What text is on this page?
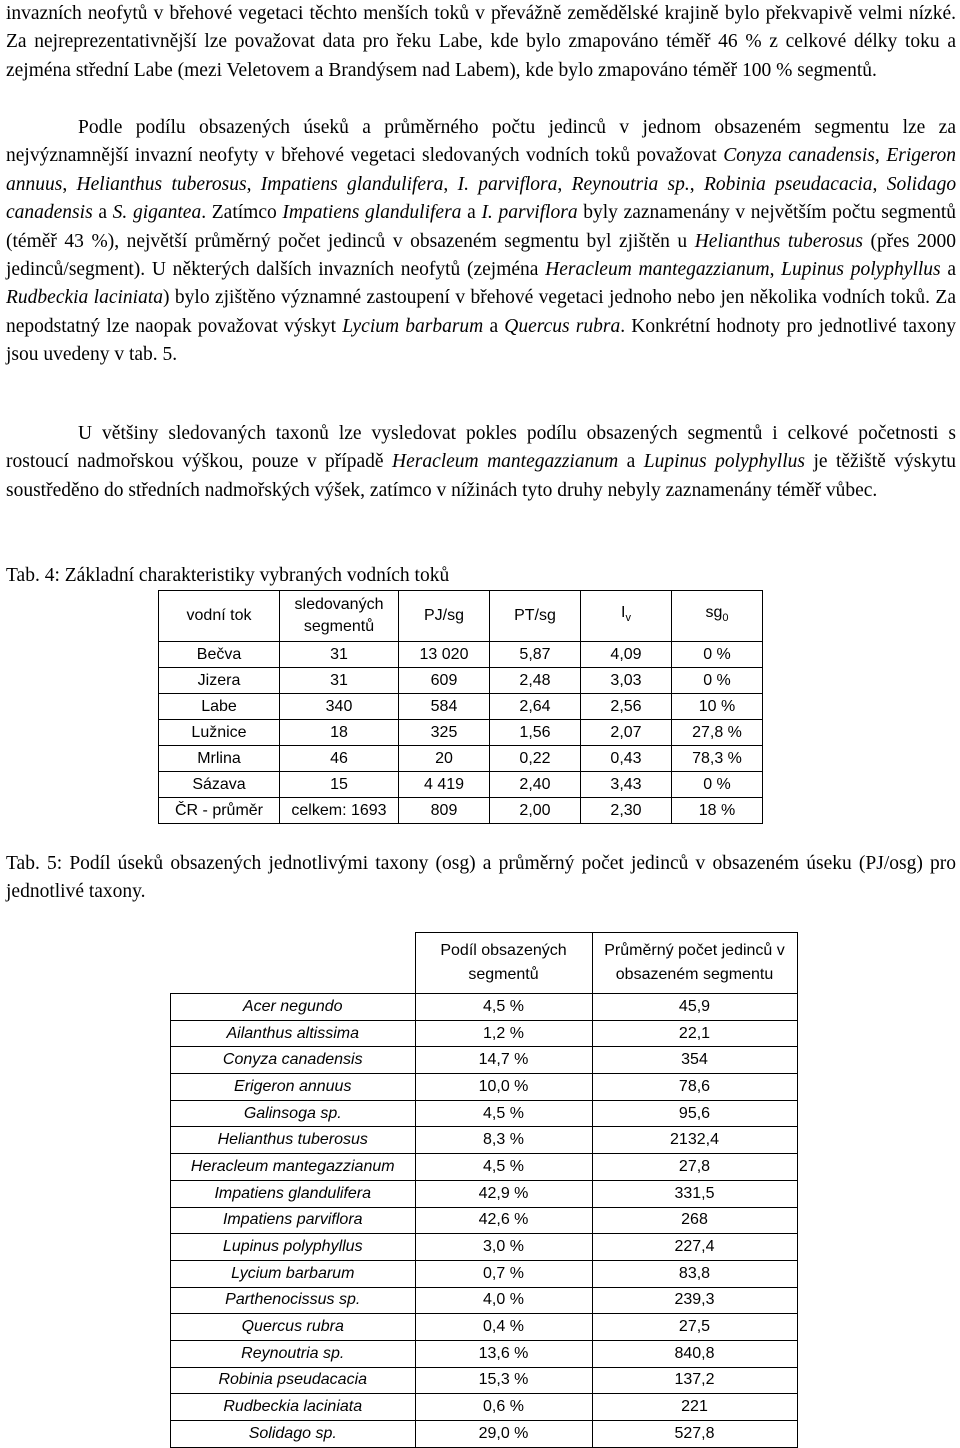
invazních neofytů v břehové vegetaci těchto menších toků v převážně zemědělské krajině bylo překvapivě velmi nízké. Za nejreprezentativnější lze považovat data pro řeku Labe, kde bylo zmapováno téměř 46 % z celkové délky toku a zejména střední Labe (mezi Veletovem a Brandýsem nad Labem), kde bylo zmapováno téměř 100 % segmentů.

Podle podílu obsazených úseků a průměrného počtu jedinců v jednom obsazeném segmentu lze za nejvýznamnější invazní neofyty v břehové vegetaci sledovaných vodních toků považovat Conyza canadensis, Erigeron annuus, Helianthus tuberosus, Impatiens glandulifera, I. parviflora, Reynoutria sp., Robinia pseudacacia, Solidago canadensis a S. gigantea. Zatímco Impatiens glandulifera a I. parviflora byly zaznamenány v největším počtu segmentů (téměř 43 %), největší průměrný počet jedinců v obsazeném segmentu byl zjištěn u Helianthus tuberosus (přes 2000 jedinců/segment). U některých dalších invazních neofytů (zejména Heracleum mantegazzianum, Lupinus polyphyllus a Rudbeckia laciniata) bylo zjištěno významné zastoupení v břehové vegetaci jednoho nebo jen několika vodních toků. Za nepodstatný lze naopak považovat výskyt Lycium barbarum a Quercus rubra. Konkrétní hodnoty pro jednotlivé taxony jsou uvedeny v tab. 5.

U většiny sledovaných taxonů lze vysledovat pokles podílu obsazených segmentů i celkové početnosti s rostoucí nadmořskou výškou, pouze v případě Heracleum mantegazzianum a Lupinus polyphyllus je těžiště výskytu soustředěno do středních nadmořských výšek, zatímco v nížinách tyto druhy nebyly zaznamenány téměř vůbec.

Tab. 4: Základní charakteristiky vybraných vodních toků

vodní tok	sledovaných segmentů	PJ/sg	PT/sg	$I_v$	$sg_0$
Bečva	31	13 020	5,87	4,09	0 %
Jizera	31	609	2,48	3,03	0 %
Labe	340	584	2,64	2,56	10 %
Lužnice	18	325	1,56	2,07	27,8 %
Mrlina	46	20	0,22	0,43	78,3 %
Sázava	15	4 419	2,40	3,43	0 %
ČR - průměr	celkem: 1693	809	2,00	2,30	18 %

Tab. 5: Podíl úseků obsazených jednotlivými taxony (osg) a průměrný počet jedinců v obsazeném úseku (PJ/osg) pro jednotlivé taxony.

	Podíl obsazených segmentů	Průměrný počet jedinců v obsazeném segmentu
Acer negundo	4,5 %	45,9
Ailanthus altissima	1,2 %	22,1
Conyza canadensis	14,7 %	354
Erigeron annuus	10,0 %	78,6
Galinsoga sp.	4,5 %	95,6
Helianthus tuberosus	8,3 %	2132,4
Heracleum mantegazzianum	4,5 %	27,8
Impatiens glandulifera	42,9 %	331,5
Impatiens parviflora	42,6 %	268
Lupinus polyphyllus	3,0 %	227,4
Lycium barbarum	0,7 %	83,8
Parthenocissus sp.	4,0 %	239,3
Quercus rubra	0,4 %	27,5
Reynoutria sp.	13,6 %	840,8
Robinia pseudacacia	15,3 %	137,2
Rudbeckia laciniata	0,6 %	221
Solidago sp.	29,0 %	527,8
